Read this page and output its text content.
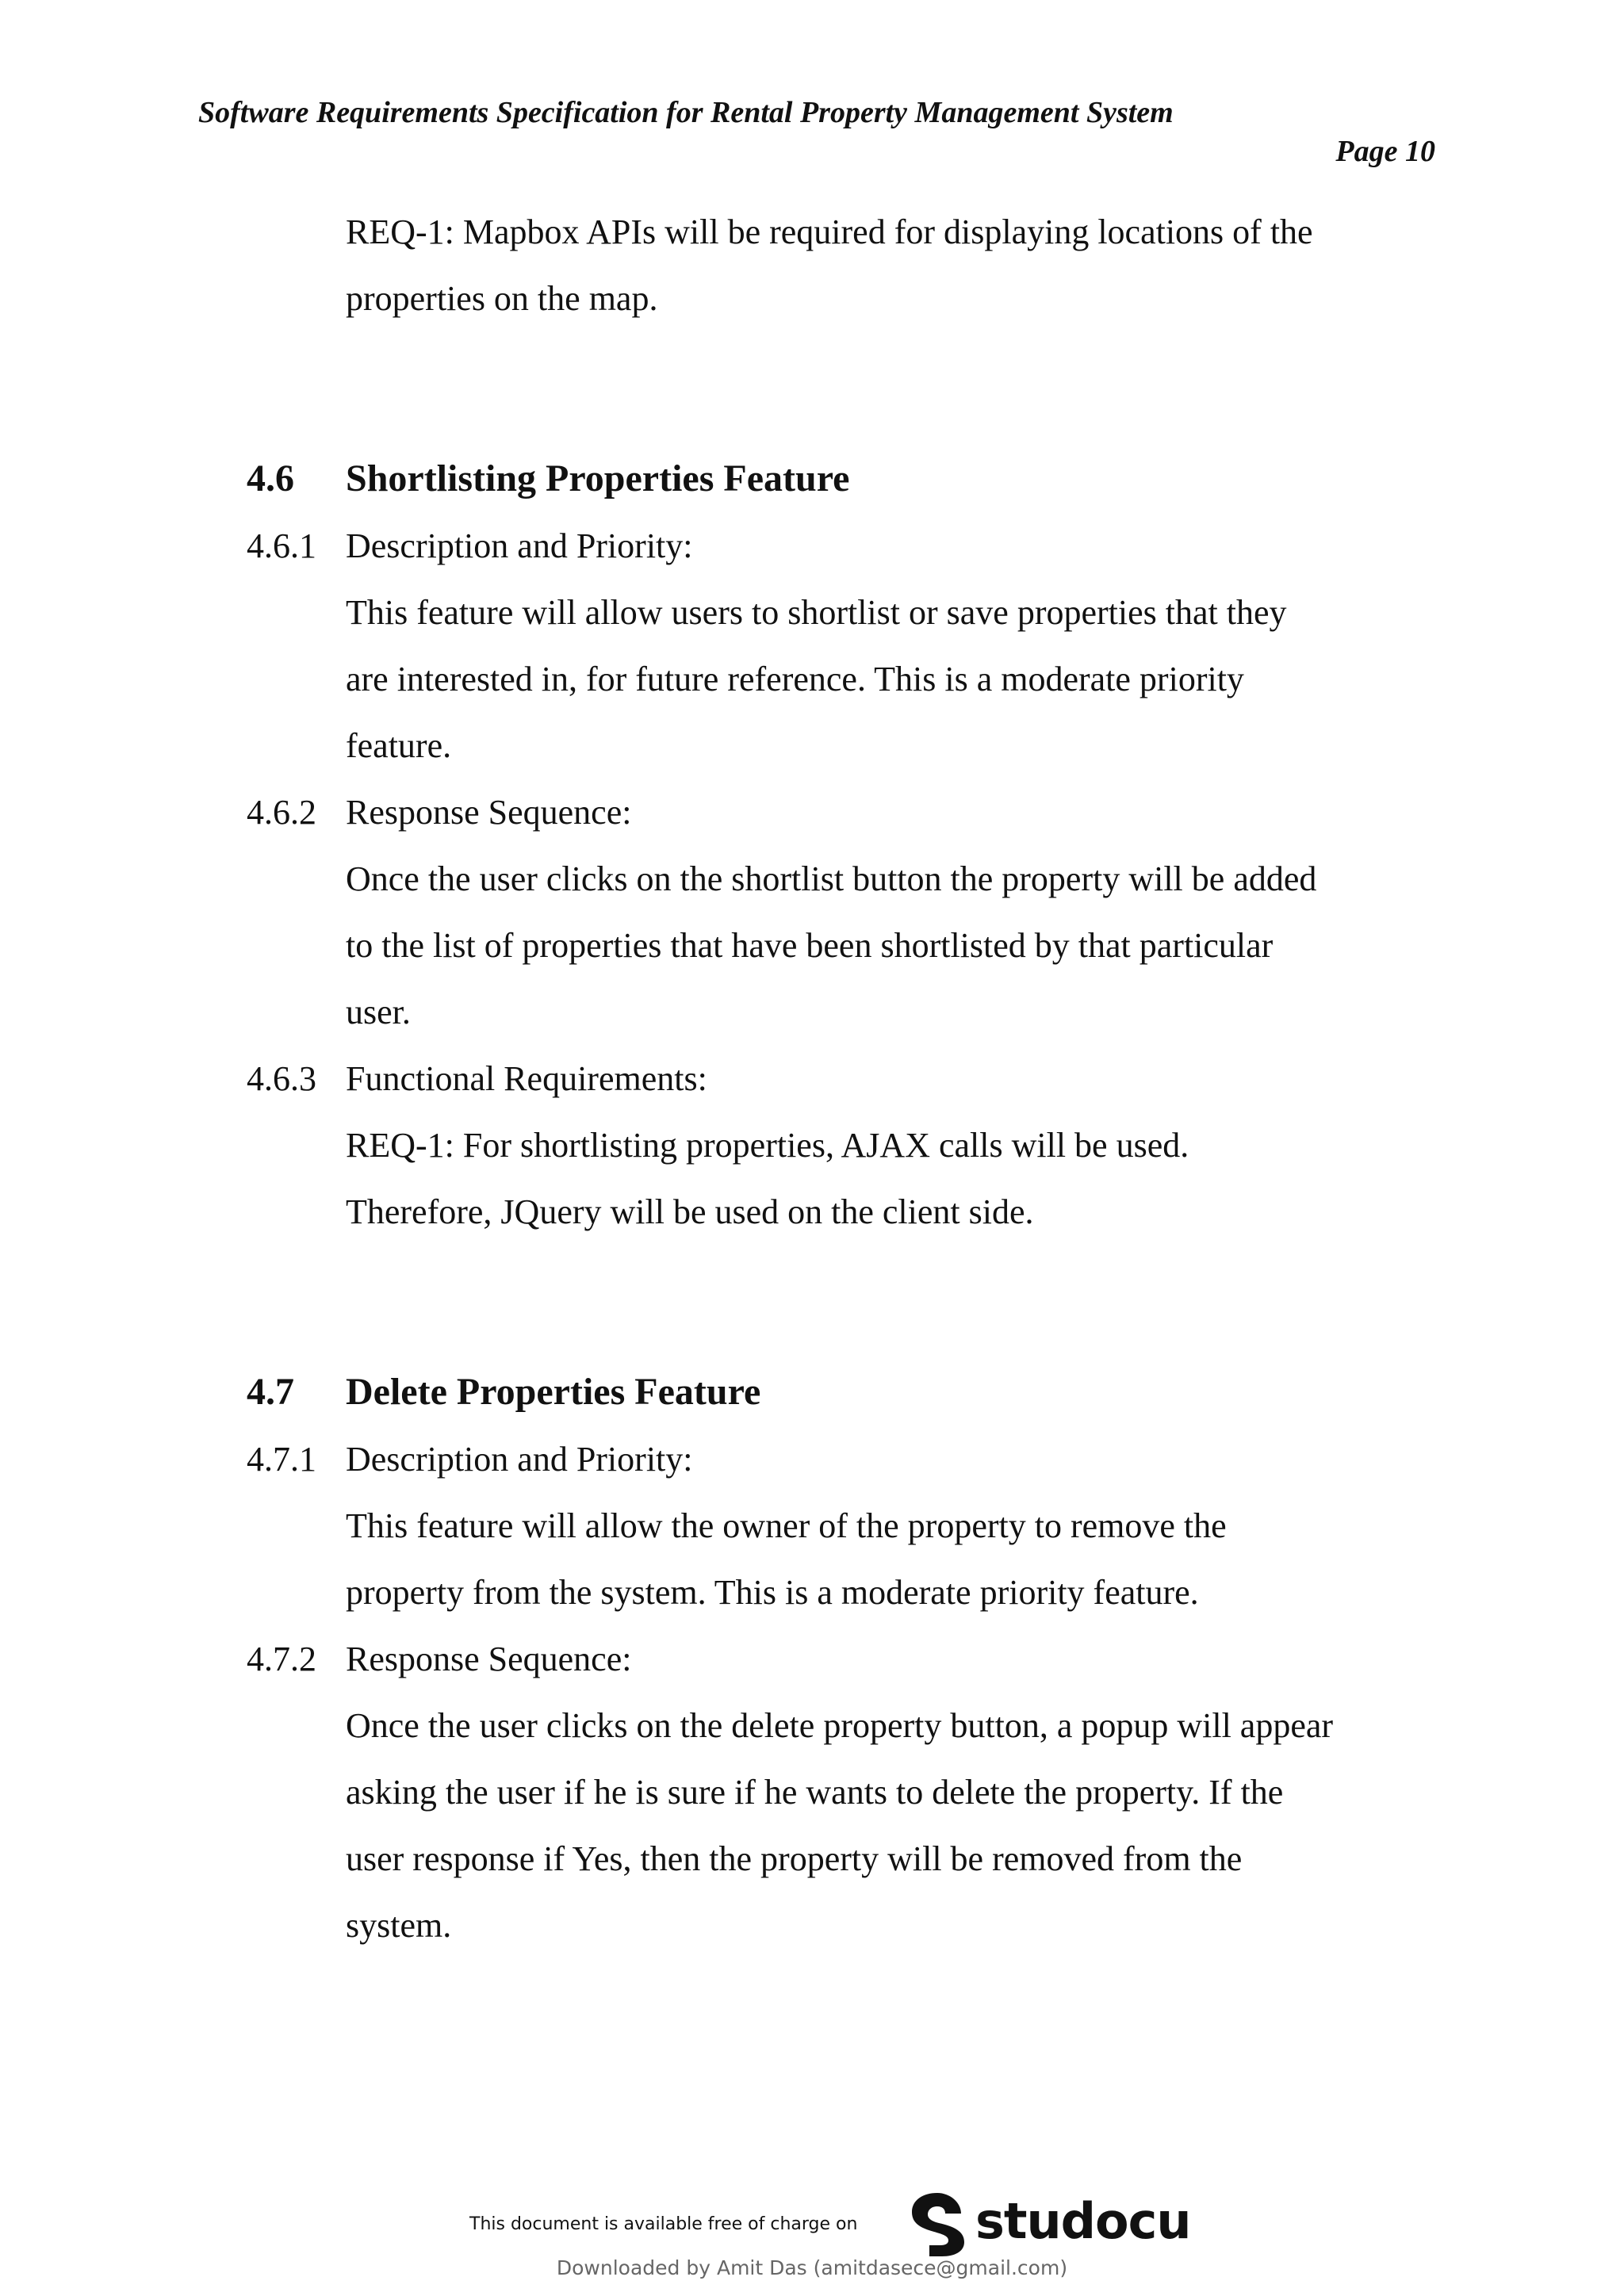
Software Requirements Specification for Rental Property Management System
Page 10
REQ-1: Mapbox APIs will be required for displaying locations of the
properties on the map.
4.6 Shortlisting Properties Feature
4.6.1 Description and Priority:
This feature will allow users to shortlist or save properties that they
are interested in, for future reference. This is a moderate priority
feature.
4.6.2 Response Sequence:
Once the user clicks on the shortlist button the property will be added
to the list of properties that have been shortlisted by that particular
user.
4.6.3 Functional Requirements:
REQ-1: For shortlisting properties, AJAX calls will be used.
Therefore, JQuery will be used on the client side.
4.7 Delete Properties Feature
4.7.1 Description and Priority:
This feature will allow the owner of the property to remove the
property from the system. This is a moderate priority feature.
4.7.2 Response Sequence:
Once the user clicks on the delete property button, a popup will appear
asking the user if he is sure if he wants to delete the property. If the
user response if Yes, then the property will be removed from the
system.
This document is available free of charge on studocu
Downloaded by Amit Das (amitdasece@gmail.com)
